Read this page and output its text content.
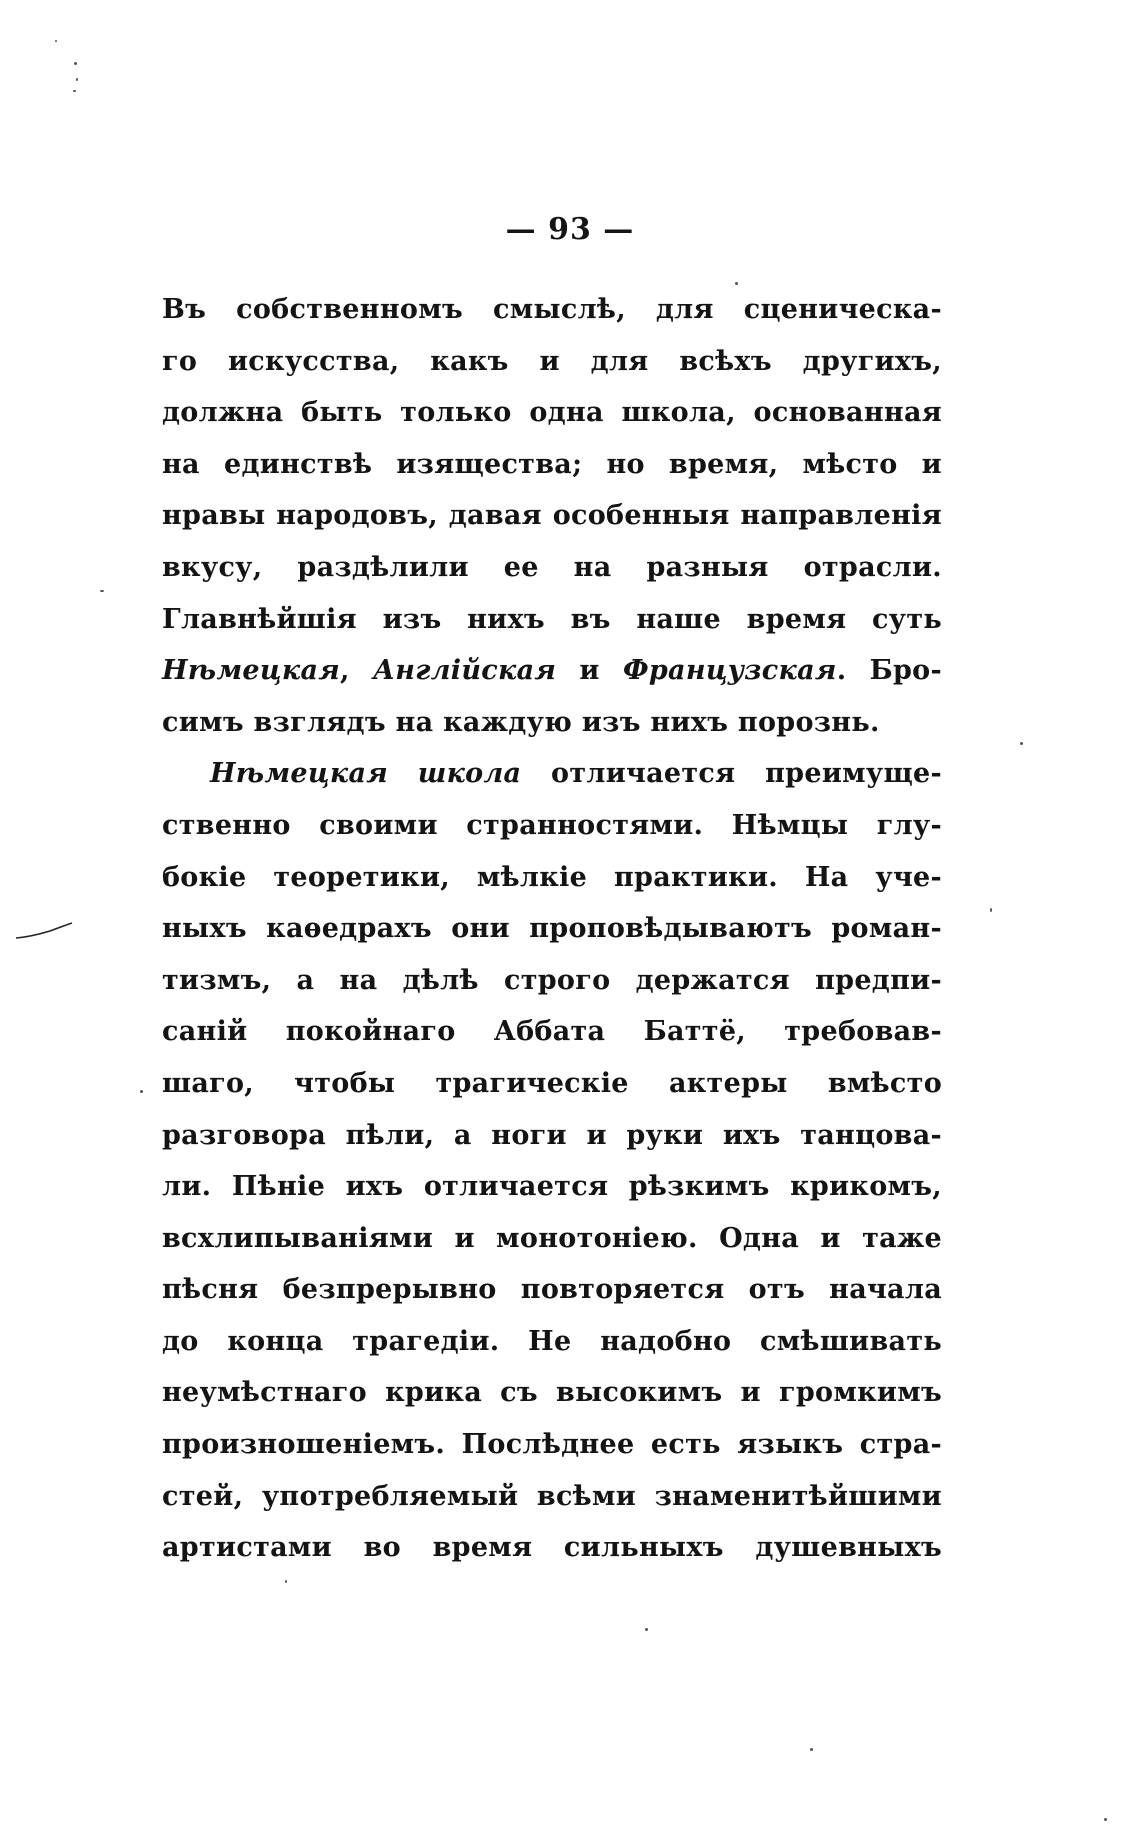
— 93 —
Въ собственномъ смыслѣ, для сценическа-
го искусства, какъ и для всѣхъ другихъ,
должна быть только одна школа, основанная
на единствѣ изящества; но время, мѣсто и
нравы народовъ, давая особенныя направленія
вкусу, раздѣлили ее на разныя отрасли.
Главнѣйшія изъ нихъ въ наше время суть
Нѣмецкая, Англійская и Французская. Бро-
симъ взглядъ на каждую изъ нихъ порознь.
Нѣмецкая школа отличается преимуще-
ственно своими странностями. Нѣмцы глу-
бокіе теоретики, мѣлкіе практики. На уче-
ныхъ каѳедрахъ они проповѣдываютъ роман-
тизмъ, а на дѣлѣ строго держатся предпи-
саній покойнаго Аббата Баттё, требовав-
шаго, чтобы трагическіе актеры вмѣсто
разговора пѣли, а ноги и руки ихъ танцова-
ли. Пѣніе ихъ отличается рѣзкимъ крикомъ,
всхлипываніями и монотоніею. Одна и таже
пѣсня безпрерывно повторяется отъ начала
до конца трагедіи. Не надобно смѣшивать
неумѣстнаго крика съ высокимъ и громкимъ
произношеніемъ. Послѣднее есть языкъ стра-
стей, употребляемый всѣми знаменитѣйшими
артистами во время сильныхъ душевныхъ
